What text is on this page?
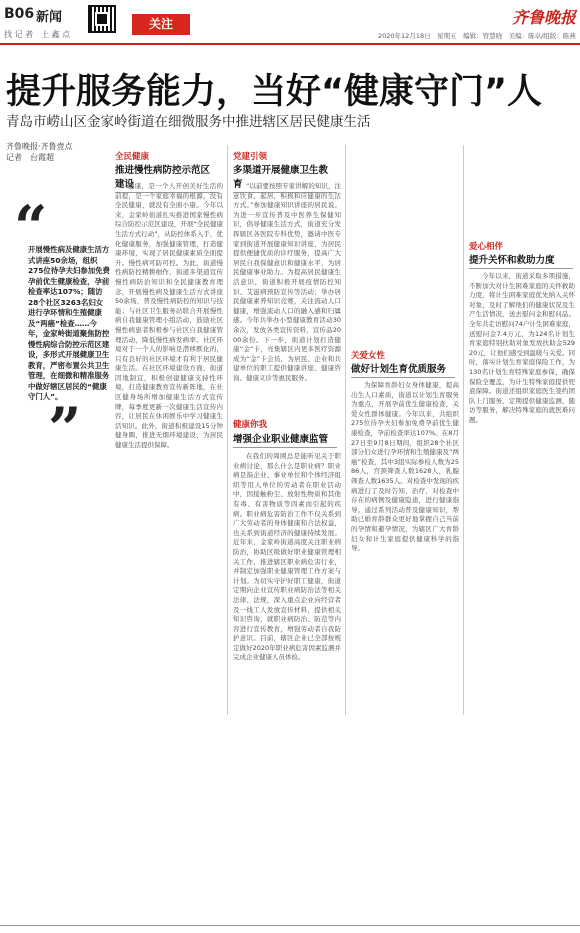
B06 新闻
找 记 者　上 鑫 点
关注	齐鲁晚报
2020年12月18日　星期五　编辑：管慧晓　美编：陈卓/组版：陈燕
提升服务能力，当好“健康守门”人
青岛市崂山区金家岭街道在细微服务中推进辖区居民健康生活
齐鲁晚报·齐鲁壹点
记者　台霞超
“
开展慢性病及健康生活方式讲座50余场，组织275位待孕夫妇参加免费孕前优生健康检查，孕前检查率达107%；随访28个社区3263名妇女进行孕环情和生殖健康及“两癌”检查……今年，金家岭街道聚焦防控慢性病综合防控示范区建设，多形式开展健康卫生教育，严密布置公共卫生管理，在细微和精准服务中做好辖区居民的“健康守门人”。
”
全民健康
推进慢性病防控示范区建设
健康，是一个人开创美好生活的前提，是一个家庭幸福的根源，没有全民健康，就没有全面小康。今年以来，金家岭街道扎实推进国家慢性病综合防控示范区建设，开展“全民健康生活方式行动”，从防控体系入手，优化健康服务，加强健康管理，打造健康环境，实现了居民健康素质全面提升。慢性病可防可控。为此，街道慢性病防控精耕细作，街道多渠道宣传慢性病防治知识和全民健康教育理念，开展慢性病及健康生活方式讲座50余场，普及慢性病防控的知识与技能；与社区卫生服务站联合开展慢性病自我健康管理小组活动，鼓励社区慢性病患者积极参与社区自我健康管理活动，降低慢性病发病率。社区环境对于一个人的影响是潜移默化的，只有良好的社区环境才有利于居民健康生活。在社区环境建设方面，街道因地制宜，积极创建健康支持性环境，打造健康教育宣传新阵地，在社区健身场所增加健康生活方式宣传牌，每季度更新一次健康生活宣传内容，让居民在休闲娱乐中学习健康生活知识。此外，街道积极建设15分钟健身圈，推进无烟环境建设，为居民健康生活提供保障。
党建引领
多渠道开展健康卫生教育 “以前要按照专家讲解的知识，注意饮食、起居，积极和应健康的生活方式。”参加健康知识讲座的居民说。为进一步宣传普及中医养生保健知识，倡导健康生活方式，街道充分发挥辖区各医院专科优势，邀请中医专家到街道开展健康知识讲座，为居民提供便捷优质的诊疗服务，提高广大居民自我保健意识和健康水平，为居民健康事业助力。为提高居民健康生活意识，街道积极开展疫情防控知识、艾滋病预防宣传等活动；举办居民健康素养知识竞赛，关注流动人口健康，增强流动人口的融入感和归属感。今年共举办小型健康教育活动30余次，发放各类宣传资料，宣传品2000余份。下一步，街道计划打造健康“金”卡，亮集辖区内更多医疗资源成为“金”卡会员，为居民、企业和共建单位的职工提供健康讲座、健康咨询、健康义诊等惠民服务。
健康你我
增强企业职业健康监管
在我们的周围总是能听见关于职业病讨论，那么什么是职业病？职业病是指企业、事业单位和个体经济组织等用人单位的劳动者在职业活动中，因接触粉尘、放射性物质和其他有毒、有害物质等因素而引起的疾病。职业病危害防治工作不仅关系到广大劳动者的身体健康和合法权益，也关系到街道经济的健康持续发展。近年来，金家岭街道高度关注职业病防治，协助区级做好职业健康管理相关工作，推进辖区职业病危害行业，并制定加强职业健康管理工作方案与计划。为切实守护好职工健康，街道定期向企业宣传职业病防治法等相关法律、法规，深入重点企业向经营者及一线工人发放宣传材料，提供相关知识咨询，就职业病防治、防范等内容进行宣传教育，增强劳动者自我防护意识。目前，辖区企业已全部按规定做好2020年职业病危害因素监测并完成企业健康人员体检。
关爱女性
做好计划生育优质服务
为保障育龄妇女身体健康，提高出生人口素质，街道以计划生育服务为重点，开展孕前优生健康检查，关爱女性群体健康。今年以来，共组织275位待孕夫妇参加免费孕前优生健康检查，孕前检查率达107%。在8月27日至9月8日期间，组织28个社区部分妇女进行孕环情和生殖健康及“两癌”检查，其中3组实际参检人数为2586人，宫颈筛查人数1628人，乳腺筛查人数1635人。对检查中发现的疾病进行了及时告知、治疗，对检查中存在的病例及健康隐患，进行健康指导。通过系列活动普及健康知识，帮助已婚育龄群众更好地掌握自己当前的孕情和避孕情况，为辖区广大育龄妇女和计生家庭提供健康科学的指导。
爱心相伴
提升关怀和救助力度
今年以来，街道采取多项措施，不断加大对计生困难家庭的关怀救助力度，将计生困难家庭优先纳入关怀对象，及时了解他们的健康状况及生产生活情况，送去慰问金和慰问品。全年共走访慰问74户计生困难家庭，送慰问金7.4万元，为124名计划生育家庭特别扶助对象发放扶助金52920元，让他们感受到温暖与关爱。同时，落实计划生育家庭保险工作，为130名计划生育特殊家庭参保，确保保险全覆盖，为计生特殊家庭提供兜底保障。街道还组织家庭医生签约团队上门服务，定期提供健康监测、随访等服务，解决特殊家庭的就医难问题。
